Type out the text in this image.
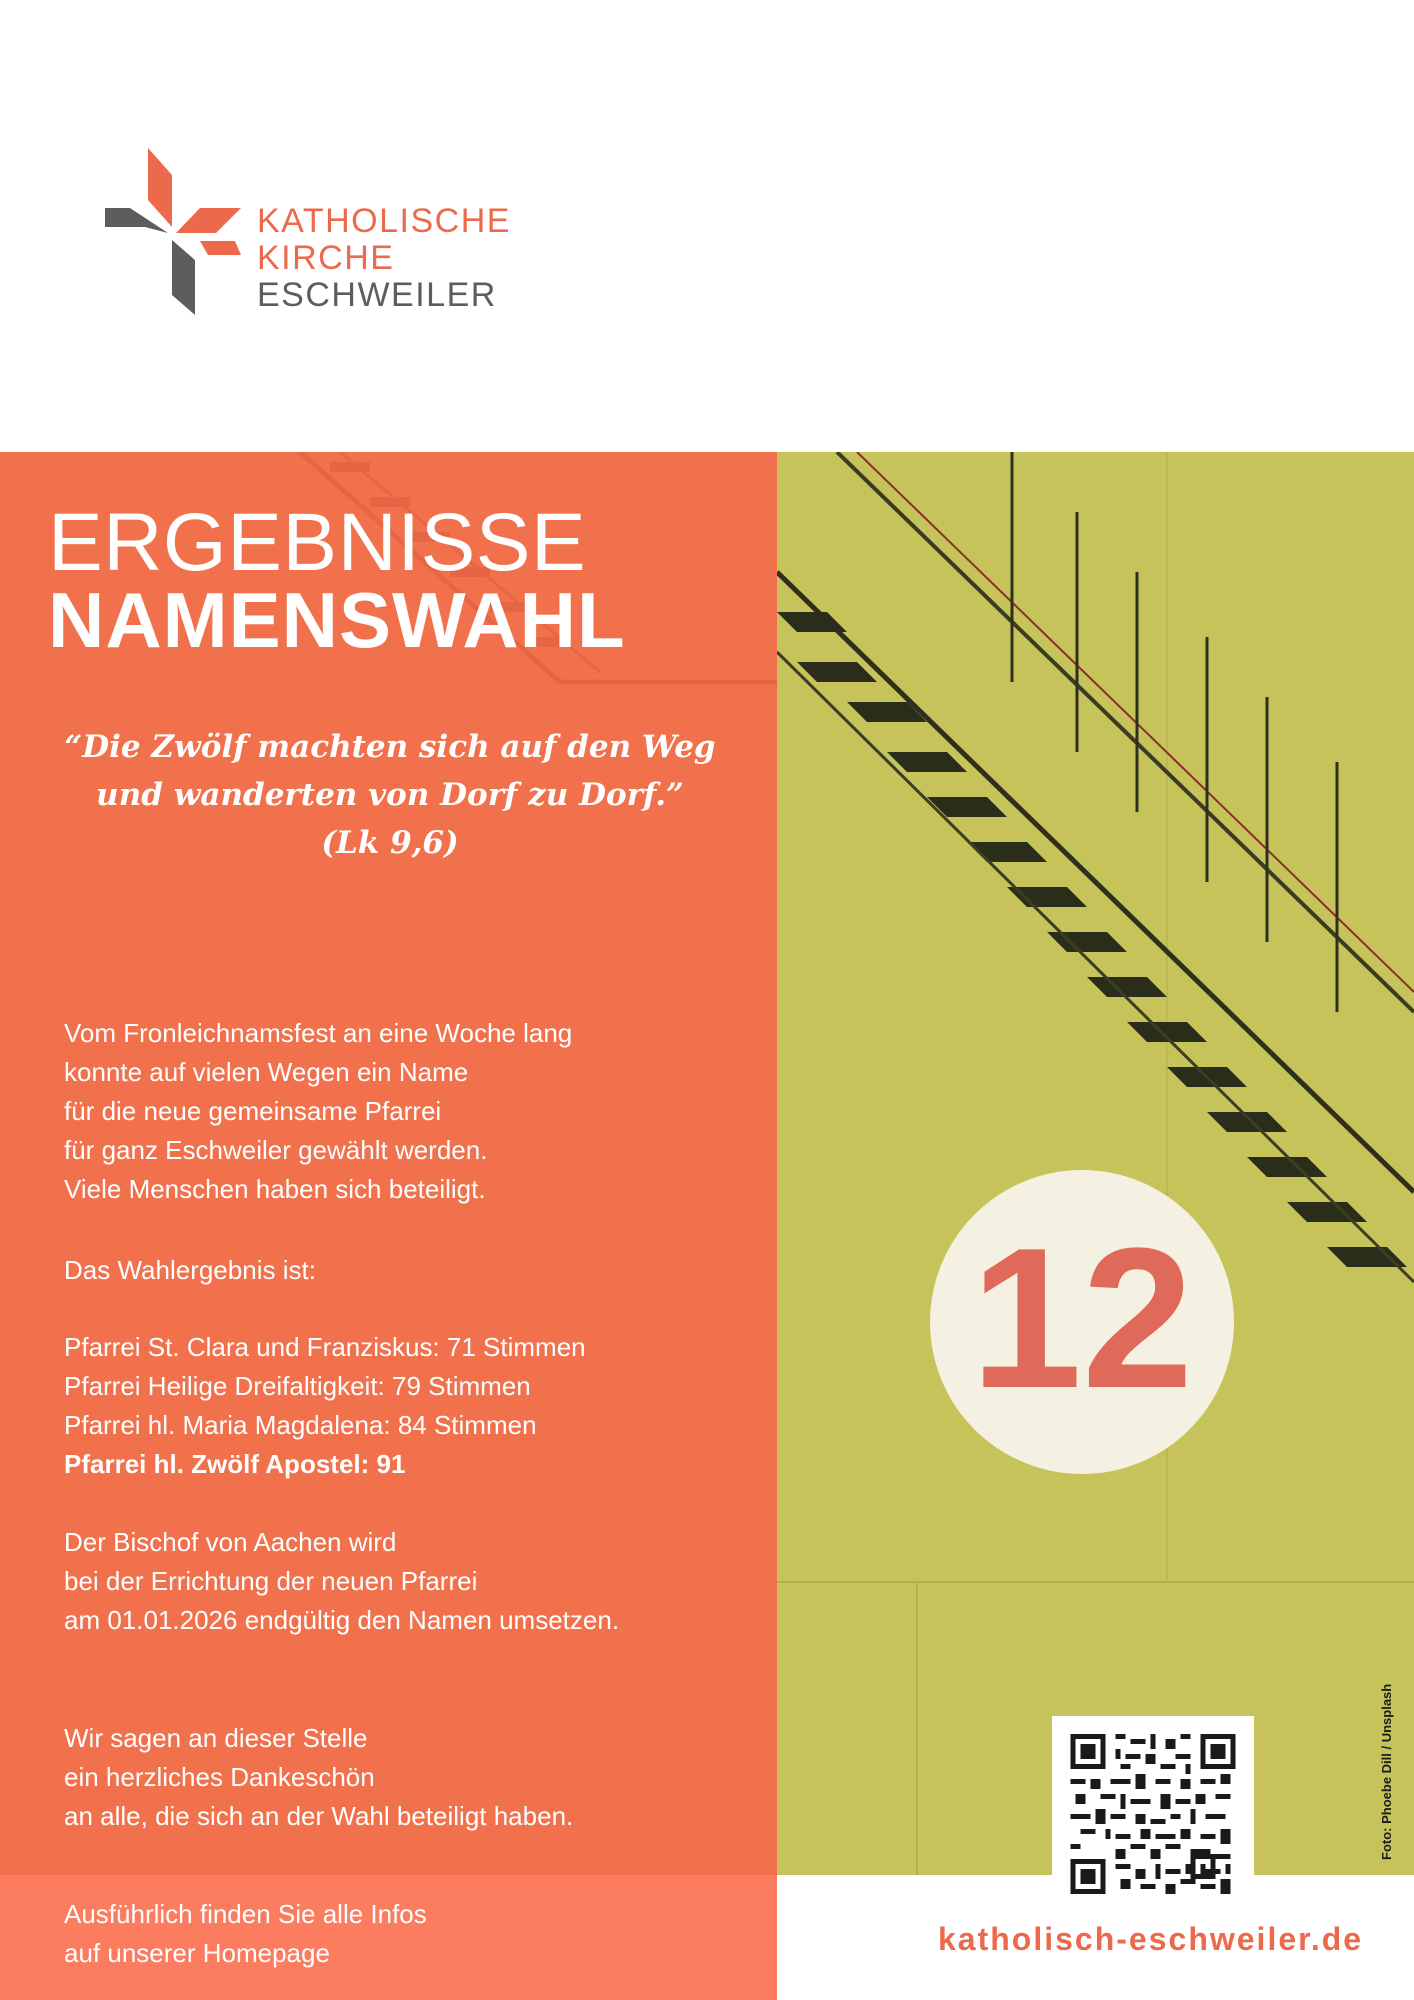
KATHOLISCHE
KIRCHE
ESCHWEILER
12
ERGEBNISSE
NAMENSWAHL
“Die Zwölf machten sich auf den Weg
und wanderten von Dorf zu Dorf.”
(Lk 9,6)
Vom Fronleichnamsfest an eine Woche lang
konnte auf vielen Wegen ein Name
für die neue gemeinsame Pfarrei
für ganz Eschweiler gewählt werden.
Viele Menschen haben sich beteiligt.
Das Wahlergebnis ist:
Pfarrei St. Clara und Franziskus: 71 Stimmen
Pfarrei Heilige Dreifaltigkeit: 79 Stimmen
Pfarrei hl. Maria Magdalena: 84 Stimmen
Pfarrei hl. Zwölf Apostel: 91
Der Bischof von Aachen wird
bei der Errichtung der neuen Pfarrei
am 01.01.2026 endgültig den Namen umsetzen.
Wir sagen an dieser Stelle
ein herzliches Dankeschön
an alle, die sich an der Wahl beteiligt haben.
Ausführlich finden Sie alle Infos
auf unserer Homepage	katholisch-eschweiler.de
Foto: Phoebe Dill / Unsplash
